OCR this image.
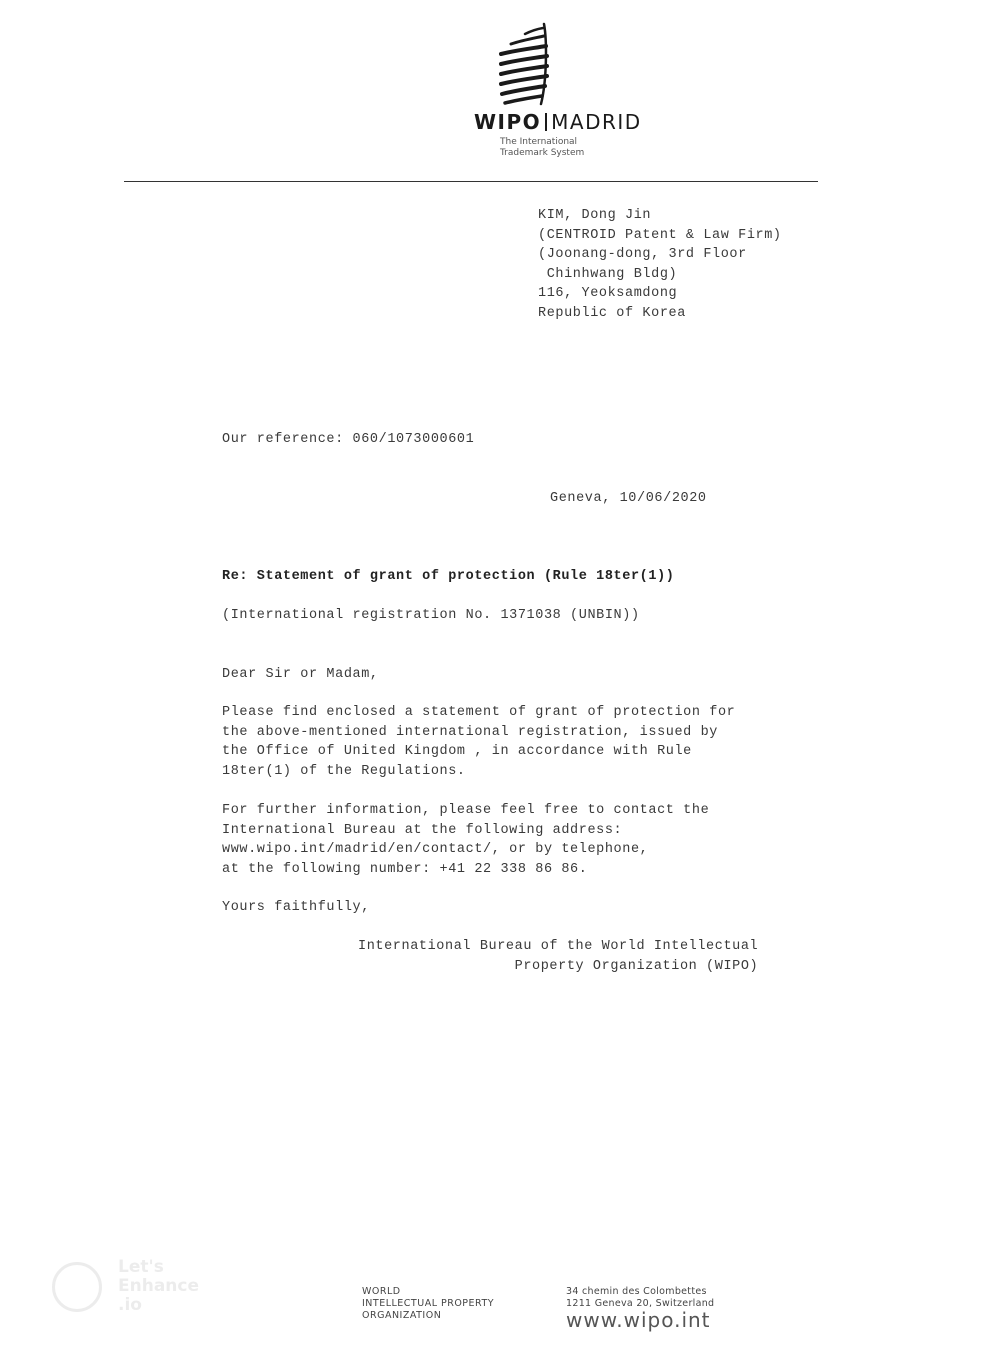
WIPO MADRID
The International
Trademark System
KIM, Dong Jin
(CENTROID Patent & Law Firm)
(Joonang-dong, 3rd Floor
Chinhwang Bldg)
116, Yeoksamdong
Republic of Korea
Our reference: 060/1073000601
Geneva, 10/06/2020
Re: Statement of grant of protection (Rule 18ter(1))
(International registration No. 1371038 (UNBIN))
Dear Sir or Madam,
Please find enclosed a statement of grant of protection for
the above-mentioned international registration, issued by
the Office of United Kingdom , in accordance with Rule
18ter(1) of the Regulations.
For further information, please feel free to contact the
International Bureau at the following address:
www.wipo.int/madrid/en/contact/, or by telephone,
at the following number: +41 22 338 86 86.
Yours faithfully,
International Bureau of the World Intellectual
Property Organization (WIPO)
Let's
Enhance
.io
WORLD
INTELLECTUAL PROPERTY
ORGANIZATION
34 chemin des Colombettes
1211 Geneva 20, Switzerland
www.wipo.int
